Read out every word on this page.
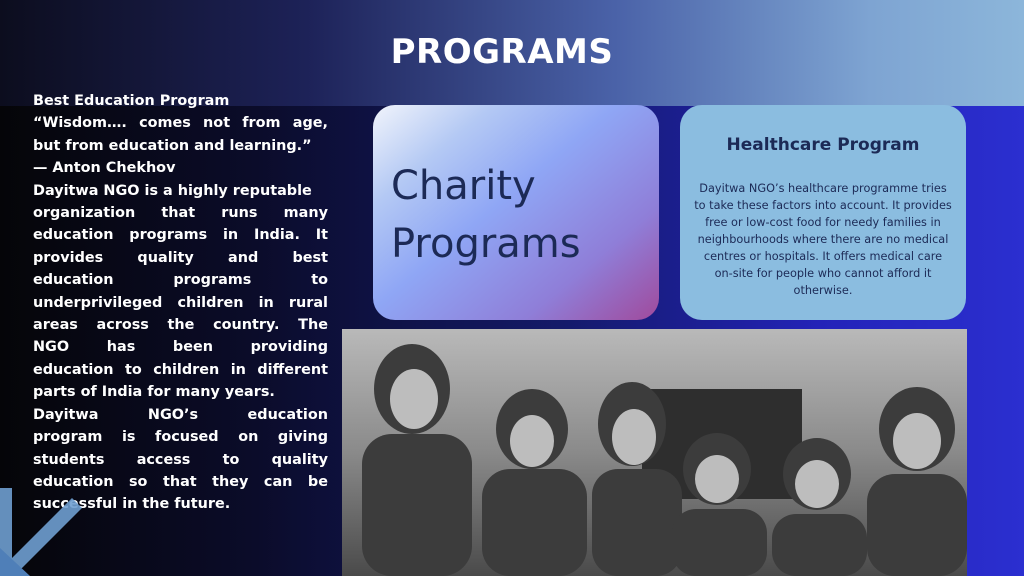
PROGRAMS
Best Education Program
“Wisdom…. comes not from age,
but from education and learning.”
— Anton Chekhov
Dayitwa NGO is a highly reputable
organization that runs many
education programs in India. It
provides quality and best
education programs to
underprivileged children in rural
areas across the country. The
NGO has been providing
education to children in different
parts of India for many years.
Dayitwa NGO’s education
program is focused on giving
students access to quality
education so that they can be
successful in the future.
Charity
Programs
Healthcare Program
Dayitwa NGO’s healthcare programme tries
to take these factors into account. It provides
free or low-cost food for needy families in
neighbourhoods where there are no medical
centres or hospitals. It offers medical care
on-site for people who cannot afford it
otherwise.
